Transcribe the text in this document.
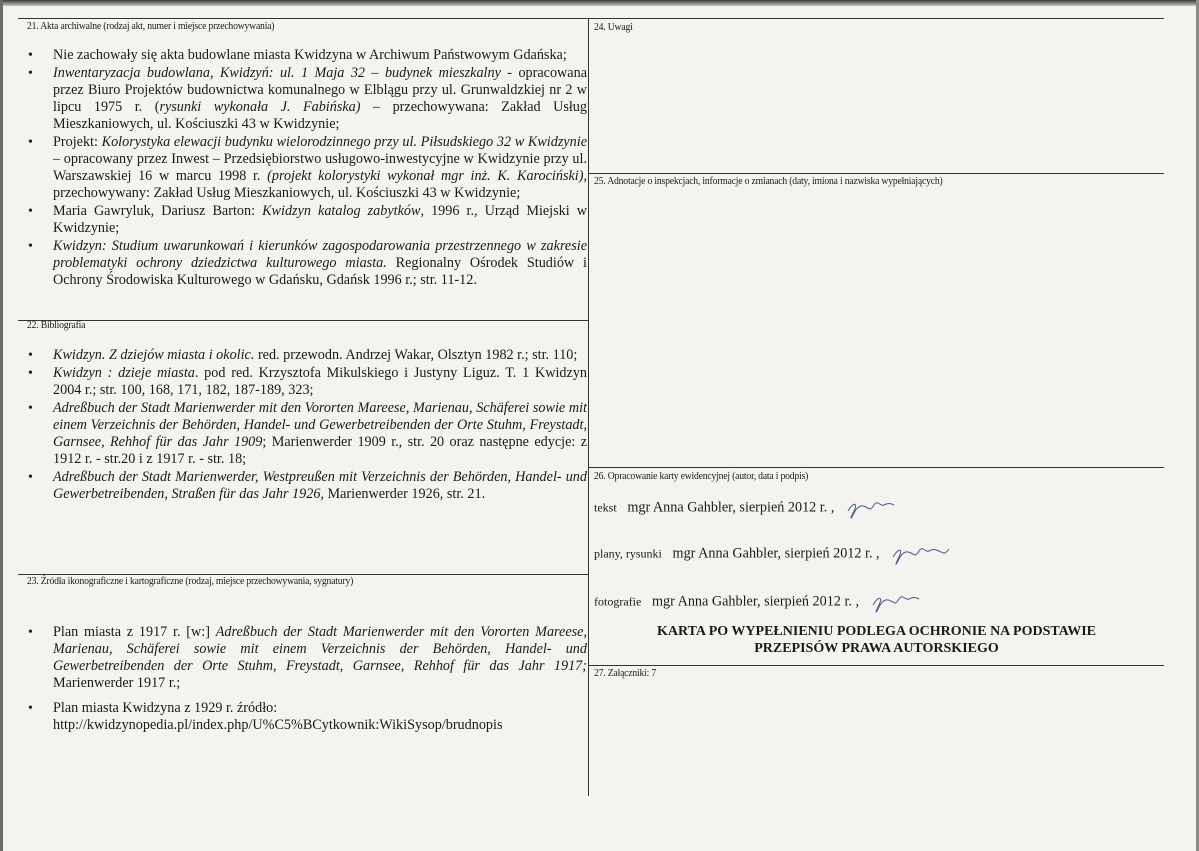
21. Akta archiwalne (rodzaj akt, numer i miejsce przechowywania)
• Nie zachowały się akta budowlane miasta Kwidzyna w Archiwum Państwowym Gdańska;
• Inwentaryzacja budowlana, Kwidzyń: ul. 1 Maja 32 – budynek mieszkalny - opracowana przez Biuro Projektów budownictwa komunalnego w Elblągu przy ul. Grunwaldzkiej nr 2 w lipcu 1975 r. (rysunki wykonała J. Fabińska) – przechowywana: Zakład Usług Mieszkaniowych, ul. Kościuszki 43 w Kwidzynie;
• Projekt: Kolorystyka elewacji budynku wielorodzinnego przy ul. Piłsudskiego 32 w Kwidzynie – opracowany przez Inwest – Przedsiębiorstwo usługowo-inwestycyjne w Kwidzynie przy ul. Warszawskiej 16 w marcu 1998 r. (projekt kolorystyki wykonał mgr inż. K. Karociński), przechowywany: Zakład Usług Mieszkaniowych, ul. Kościuszki 43 w Kwidzynie;
• Maria Gawryluk, Dariusz Barton: Kwidzyn katalog zabytków, 1996 r., Urząd Miejski w Kwidzynie;
• Kwidzyn: Studium uwarunkowań i kierunków zagospodarowania przestrzennego w zakresie problematyki ochrony dziedzictwa kulturowego miasta. Regionalny Ośrodek Studiów i Ochrony Środowiska Kulturowego w Gdańsku, Gdańsk 1996 r.; str. 11-12.
22. Bibliografia
• Kwidzyn. Z dziejów miasta i okolic. red. przewodn. Andrzej Wakar, Olsztyn 1982 r.; str. 110;
• Kwidzyn : dzieje miasta. pod red. Krzysztofa Mikulskiego i Justyny Liguz. T. 1 Kwidzyn 2004 r.; str. 100, 168, 171, 182, 187-189, 323;
• Adreßbuch der Stadt Marienwerder mit den Vororten Mareese, Marienau, Schäferei sowie mit einem Verzeichnis der Behörden, Handel- und Gewerbetreibenden der Orte Stuhm, Freystadt, Garnsee, Rehhof für das Jahr 1909; Marienwerder 1909 r., str. 20 oraz następne edycje: z 1912 r. - str.20 i z 1917 r. - str. 18;
• Adreßbuch der Stadt Marienwerder, Westpreußen mit Verzeichnis der Behörden, Handel- und Gewerbetreibenden, Straßen für das Jahr 1926, Marienwerder 1926, str. 21.
23. Źródła ikonograficzne i kartograficzne (rodzaj, miejsce przechowywania, sygnatury)
• Plan miasta z 1917 r. [w:] Adreßbuch der Stadt Marienwerder mit den Vororten Mareese, Marienau, Schäferei sowie mit einem Verzeichnis der Behörden, Handel- und Gewerbetreibenden der Orte Stuhm, Freystadt, Garnsee, Rehhof für das Jahr 1917; Marienwerder 1917 r.;
• Plan miasta Kwidzyna z 1929 r. źródło:
http://kwidzynopedia.pl/index.php/U%C5%BCytkownik:WikiSysop/brudnopis
24. Uwagi
25. Adnotacje o inspekcjach, informacje o zmianach (daty, imiona i nazwiska wypełniających)
26. Opracowanie karty ewidencyjnej (autor, data i podpis)
tekst mgr Anna Gahbler, sierpień 2012 r. ,
plany, rysunki mgr Anna Gahbler, sierpień 2012 r. ,
fotografie mgr Anna Gahbler, sierpień 2012 r. ,
KARTA PO WYPEŁNIENIU PODLEGA OCHRONIE NA PODSTAWIE
PRZEPISÓW PRAWA AUTORSKIEGO
27. Załączniki: 7
